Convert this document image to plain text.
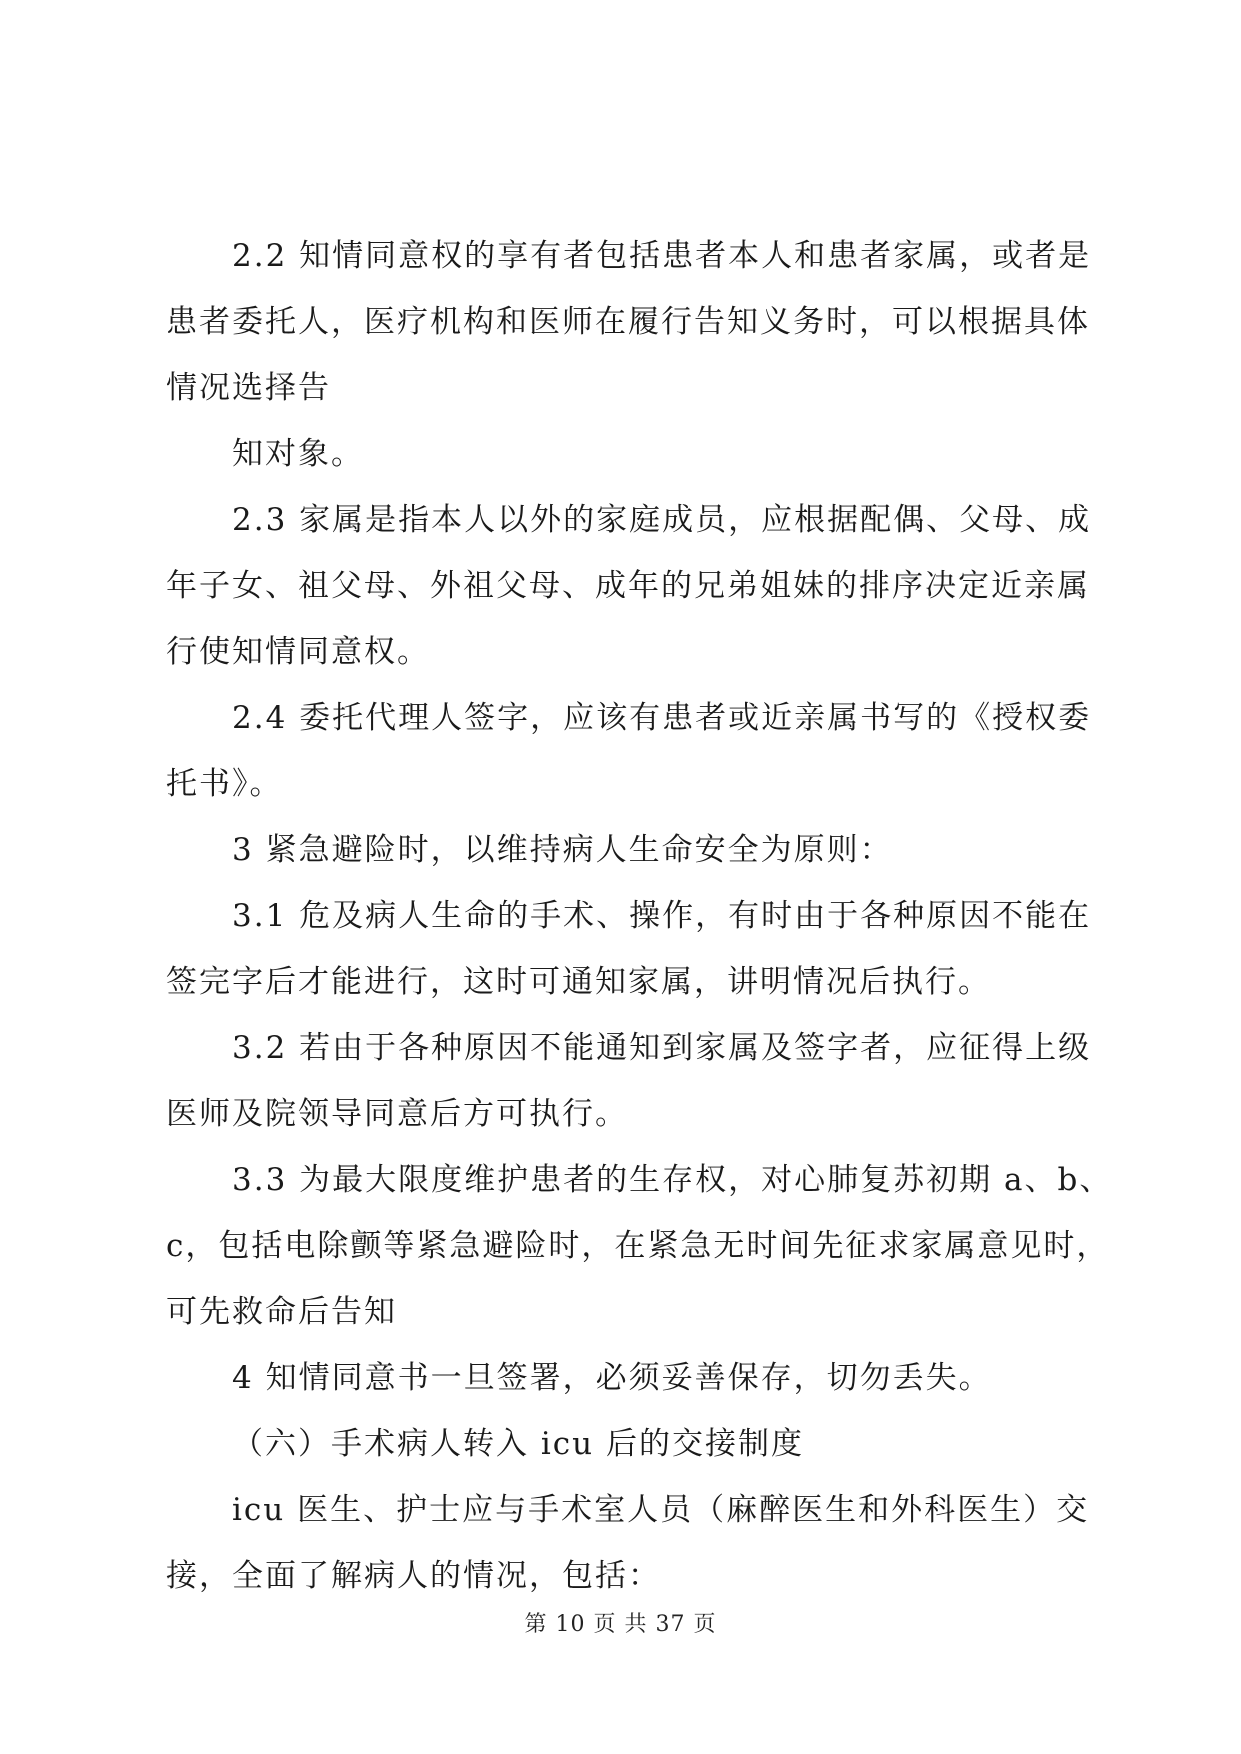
2.2 知情同意权的享有者包括患者本人和患者家属，或者是
患者委托人，医疗机构和医师在履行告知义务时，可以根据具体
情况选择告
知对象。
2.3 家属是指本人以外的家庭成员，应根据配偶、父母、成
年子女、祖父母、外祖父母、成年的兄弟姐妹的排序决定近亲属
行使知情同意权。
2.4 委托代理人签字，应该有患者或近亲属书写的《授权委
托书》。
3 紧急避险时，以维持病人生命安全为原则：
3.1 危及病人生命的手术、操作，有时由于各种原因不能在
签完字后才能进行，这时可通知家属，讲明情况后执行。
3.2 若由于各种原因不能通知到家属及签字者，应征得上级
医师及院领导同意后方可执行。
3.3 为最大限度维护患者的生存权，对心肺复苏初期 a、b、
c，包括电除颤等紧急避险时，在紧急无时间先征求家属意见时，
可先救命后告知
4 知情同意书一旦签署，必须妥善保存，切勿丢失。
（六）手术病人转入 icu 后的交接制度
icu 医生、护士应与手术室人员（麻醉医生和外科医生）交
接，全面了解病人的情况，包括：
第 10 页 共 37 页
